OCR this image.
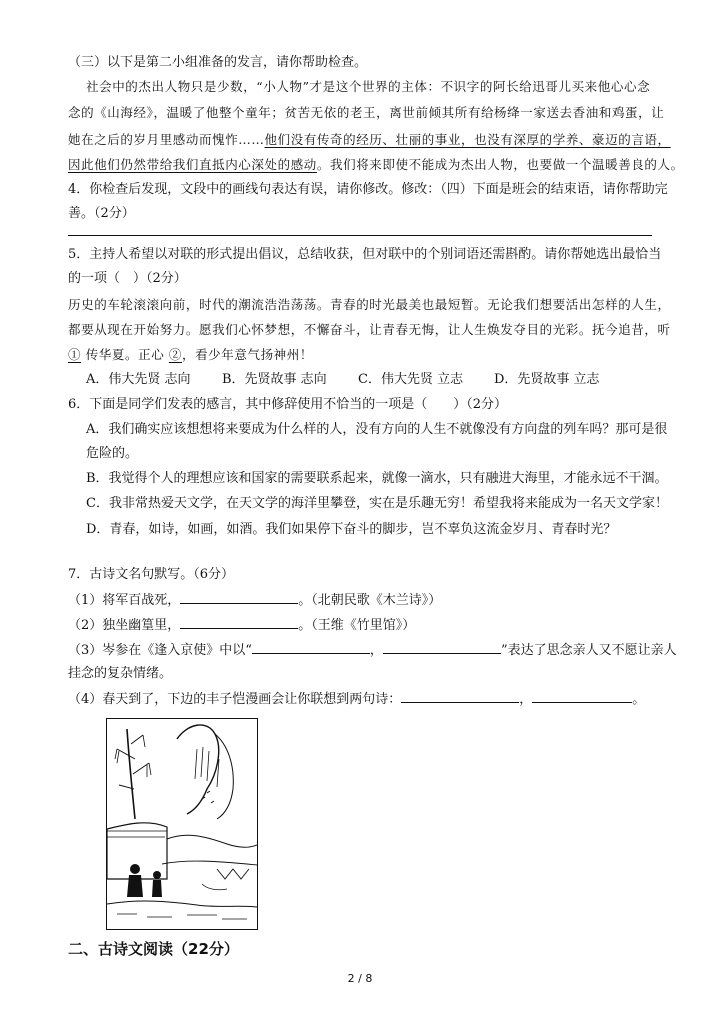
（三）以下是第二小组准备的发言，请你帮助检查。
社会中的杰出人物只是少数，“小人物”才是这个世界的主体：不识字的阿长给迅哥儿买来他心心念
念的《山海经》，温暖了他整个童年；贫苦无依的老王，离世前倾其所有给杨绛一家送去香油和鸡蛋，让
她在之后的岁月里感动而愧怍……他们没有传奇的经历、壮丽的事业，也没有深厚的学养、豪迈的言语，
因此他们仍然带给我们直抵内心深处的感动。我们将来即使不能成为杰出人物，也要做一个温暖善良的人。
4．你检查后发现，文段中的画线句表达有误，请你修改。修改：（四）下面是班会的结束语，请你帮助完
善。（2分）
5．主持人希望以对联的形式提出倡议，总结收获，但对联中的个别词语还需斟酌。请你帮她选出最恰当
的一项（　）（2分）
历史的车轮滚滚向前，时代的潮流浩浩荡荡。青春的时光最美也最短暂。无论我们想要活出怎样的人生，
都要从现在开始努力。愿我们心怀梦想，不懈奋斗，让青春无悔，让人生焕发夺目的光彩。抚今追昔，听
① 传华夏。正心 ②，看少年意气扬神州！
A．伟大先贤 志向 B．先贤故事 志向 C．伟大先贤 立志 D．先贤故事 立志
6．下面是同学们发表的感言，其中修辞使用不恰当的一项是（　　）（2分）
A．我们确实应该想想将来要成为什么样的人，没有方向的人生不就像没有方向盘的列车吗？那可是很
危险的。
B．我觉得个人的理想应该和国家的需要联系起来，就像一滴水，只有融进大海里，才能永远不干涸。
C．我非常热爱天文学，在天文学的海洋里攀登，实在是乐趣无穷！希望我将来能成为一名天文学家！
D．青春，如诗，如画，如酒。我们如果停下奋斗的脚步，岂不辜负这流金岁月、青春时光？
7．古诗文名句默写。（6分）
（1）将军百战死，	。（北朝民歌《木兰诗》）
（2）独坐幽篁里，	。（王维《竹里馆》）
（3）岑参在《逢入京使》中以“	，	”表达了思念亲人又不愿让亲人
挂念的复杂情绪。
（4）春天到了，下边的丰子恺漫画会让你联想到两句诗：	，	。
二、古诗文阅读（22分）
2 / 8
